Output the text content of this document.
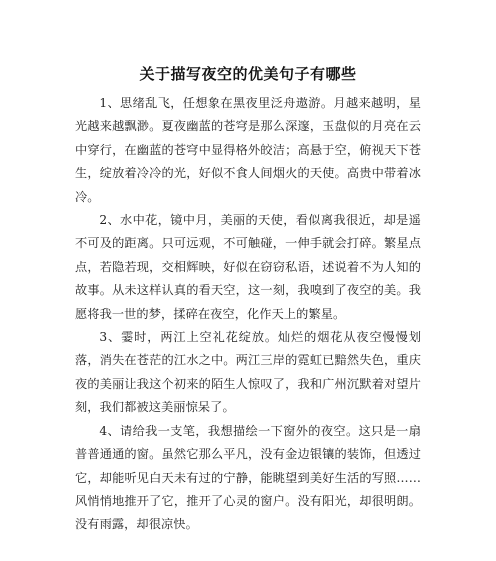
关于描写夜空的优美句子有哪些

1、思绪乱飞，任想象在黑夜里泛舟遨游。月越来越明，星光越来越飘渺。夏夜幽蓝的苍穹是那么深邃，玉盘似的月亮在云中穿行，在幽蓝的苍穹中显得格外皎洁；高悬于空，俯视天下苍生，绽放着冷冷的光，好似不食人间烟火的天使。高贵中带着冰冷。

2、水中花，镜中月，美丽的天使，看似离我很近，却是遥不可及的距离。只可远观，不可触碰，一伸手就会打碎。繁星点点，若隐若现，交相辉映，好似在窃窃私语，述说着不为人知的故事。从未这样认真的看天空，这一刻，我嗅到了夜空的美。我愿将我一世的梦，揉碎在夜空，化作天上的繁星。

3、霎时，两江上空礼花绽放。灿烂的烟花从夜空慢慢划落，消失在苍茫的江水之中。两江三岸的霓虹已黯然失色，重庆夜的美丽让我这个初来的陌生人惊叹了，我和广州沉默着对望片刻，我们都被这美丽惊呆了。

4、请给我一支笔，我想描绘一下窗外的夜空。这只是一扇普普通通的窗。虽然它那么平凡，没有金边银镶的装饰，但透过它，却能听见白天未有过的宁静，能眺望到美好生活的写照……风悄悄地推开了它，推开了心灵的窗户。没有阳光，却很明朗。没有雨露，却很凉快。
